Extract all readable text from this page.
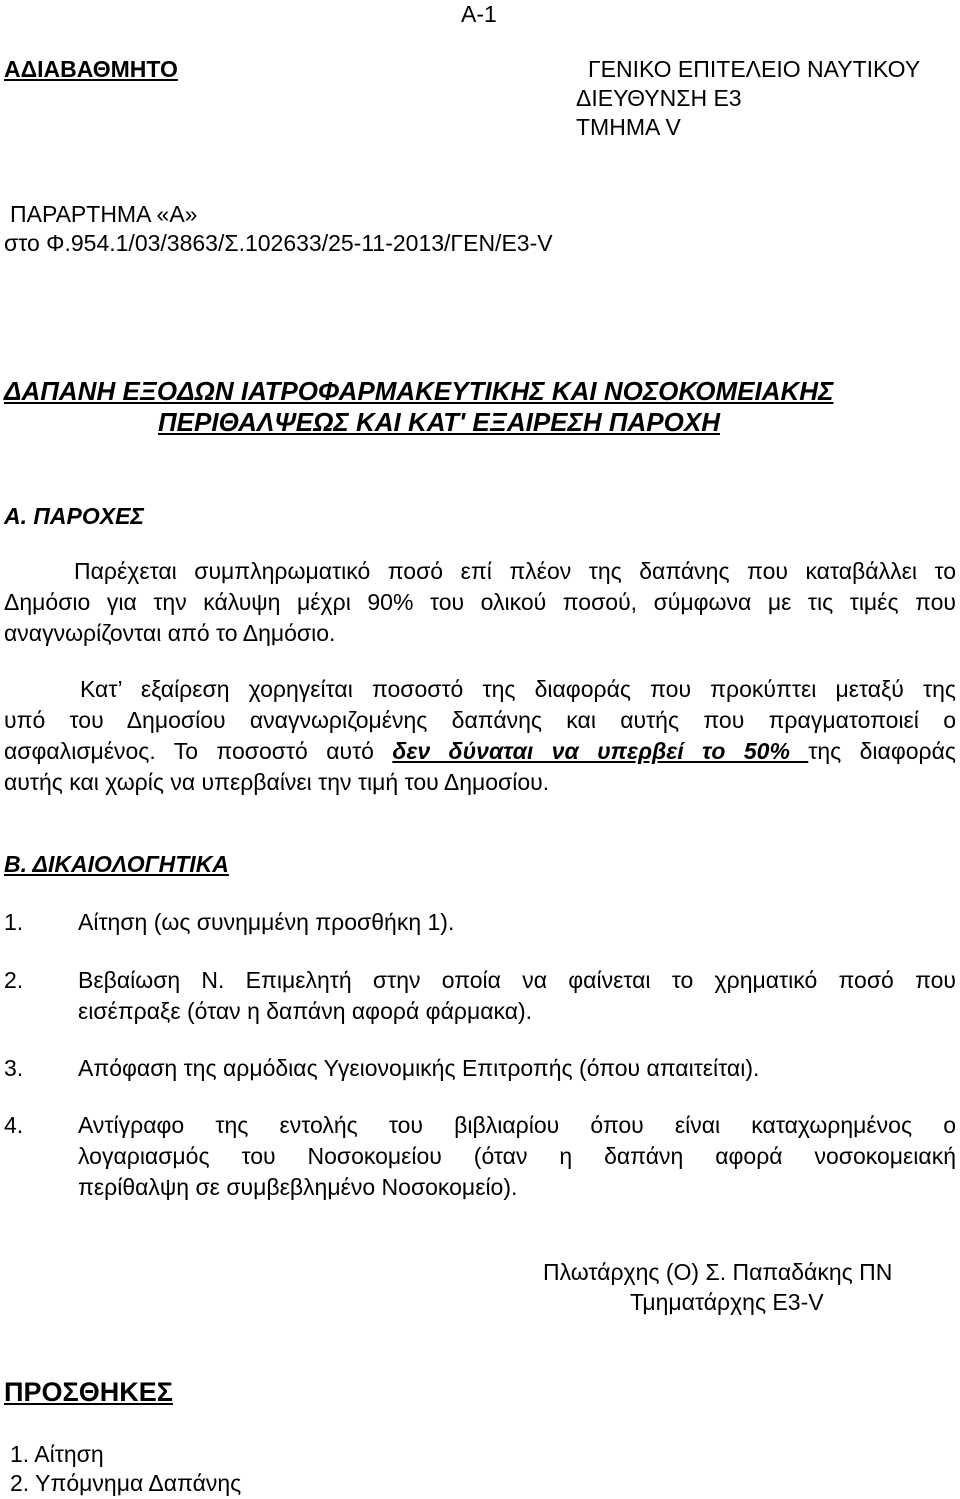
Α-1
ΑΔΙΑΒΑΘΜΗΤΟ	ΓΕΝΙΚΟ ΕΠΙΤΕΛΕΙΟ ΝΑΥΤΙΚΟΥ
ΔΙΕΥΘΥΝΣΗ Ε3
ΤΜΗΜΑ V
ΠΑΡΑΡΤΗΜΑ «Α»
στο Φ.954.1/03/3863/Σ.102633/25-11-2013/ΓΕΝ/Ε3-V
ΔΑΠΑΝΗ ΕΞΟΔΩΝ ΙΑΤΡΟΦΑΡΜΑΚΕΥΤΙΚΗΣ ΚΑΙ ΝΟΣΟΚΟΜΕΙΑΚΗΣ
ΠΕΡΙΘΑΛΨΕΩΣ ΚΑΙ ΚΑΤ' ΕΞΑΙΡΕΣΗ ΠΑΡΟΧΗ
Α. ΠΑΡΟΧΕΣ
Παρέχεται συμπληρωματικό ποσό επί πλέον της δαπάνης που καταβάλλει το
Δημόσιο για την κάλυψη μέχρι 90% του ολικού ποσού, σύμφωνα με τις τιμές που
αναγνωρίζονται από το Δημόσιο.
Κατ’ εξαίρεση χορηγείται ποσοστό της διαφοράς που προκύπτει μεταξύ της
υπό του Δημοσίου αναγνωριζομένης δαπάνης και αυτής που πραγματοποιεί ο
ασφαλισμένος. Το ποσοστό αυτό δεν δύναται να υπερβεί το 50% της διαφοράς
αυτής και χωρίς να υπερβαίνει την τιμή του Δημοσίου.
Β. ΔΙΚΑΙΟΛΟΓΗΤΙΚΑ
1. Αίτηση (ως συνημμένη προσθήκη 1).
2. Βεβαίωση Ν. Επιμελητή στην οποία να φαίνεται το χρηματικό ποσό που
εισέπραξε (όταν η δαπάνη αφορά φάρμακα).
3. Απόφαση της αρμόδιας Υγειονομικής Επιτροπής (όπου απαιτείται).
4. Αντίγραφο της εντολής του βιβλιαρίου όπου είναι καταχωρημένος ο
λογαριασμός του Νοσοκομείου (όταν η δαπάνη αφορά νοσοκομειακή
περίθαλψη σε συμβεβλημένο Νοσοκομείο).
Πλωτάρχης (Ο) Σ. Παπαδάκης ΠΝ
Τμηματάρχης Ε3-V
ΠΡΟΣΘΗΚΕΣ
1. Αίτηση
2. Υπόμνημα Δαπάνης
